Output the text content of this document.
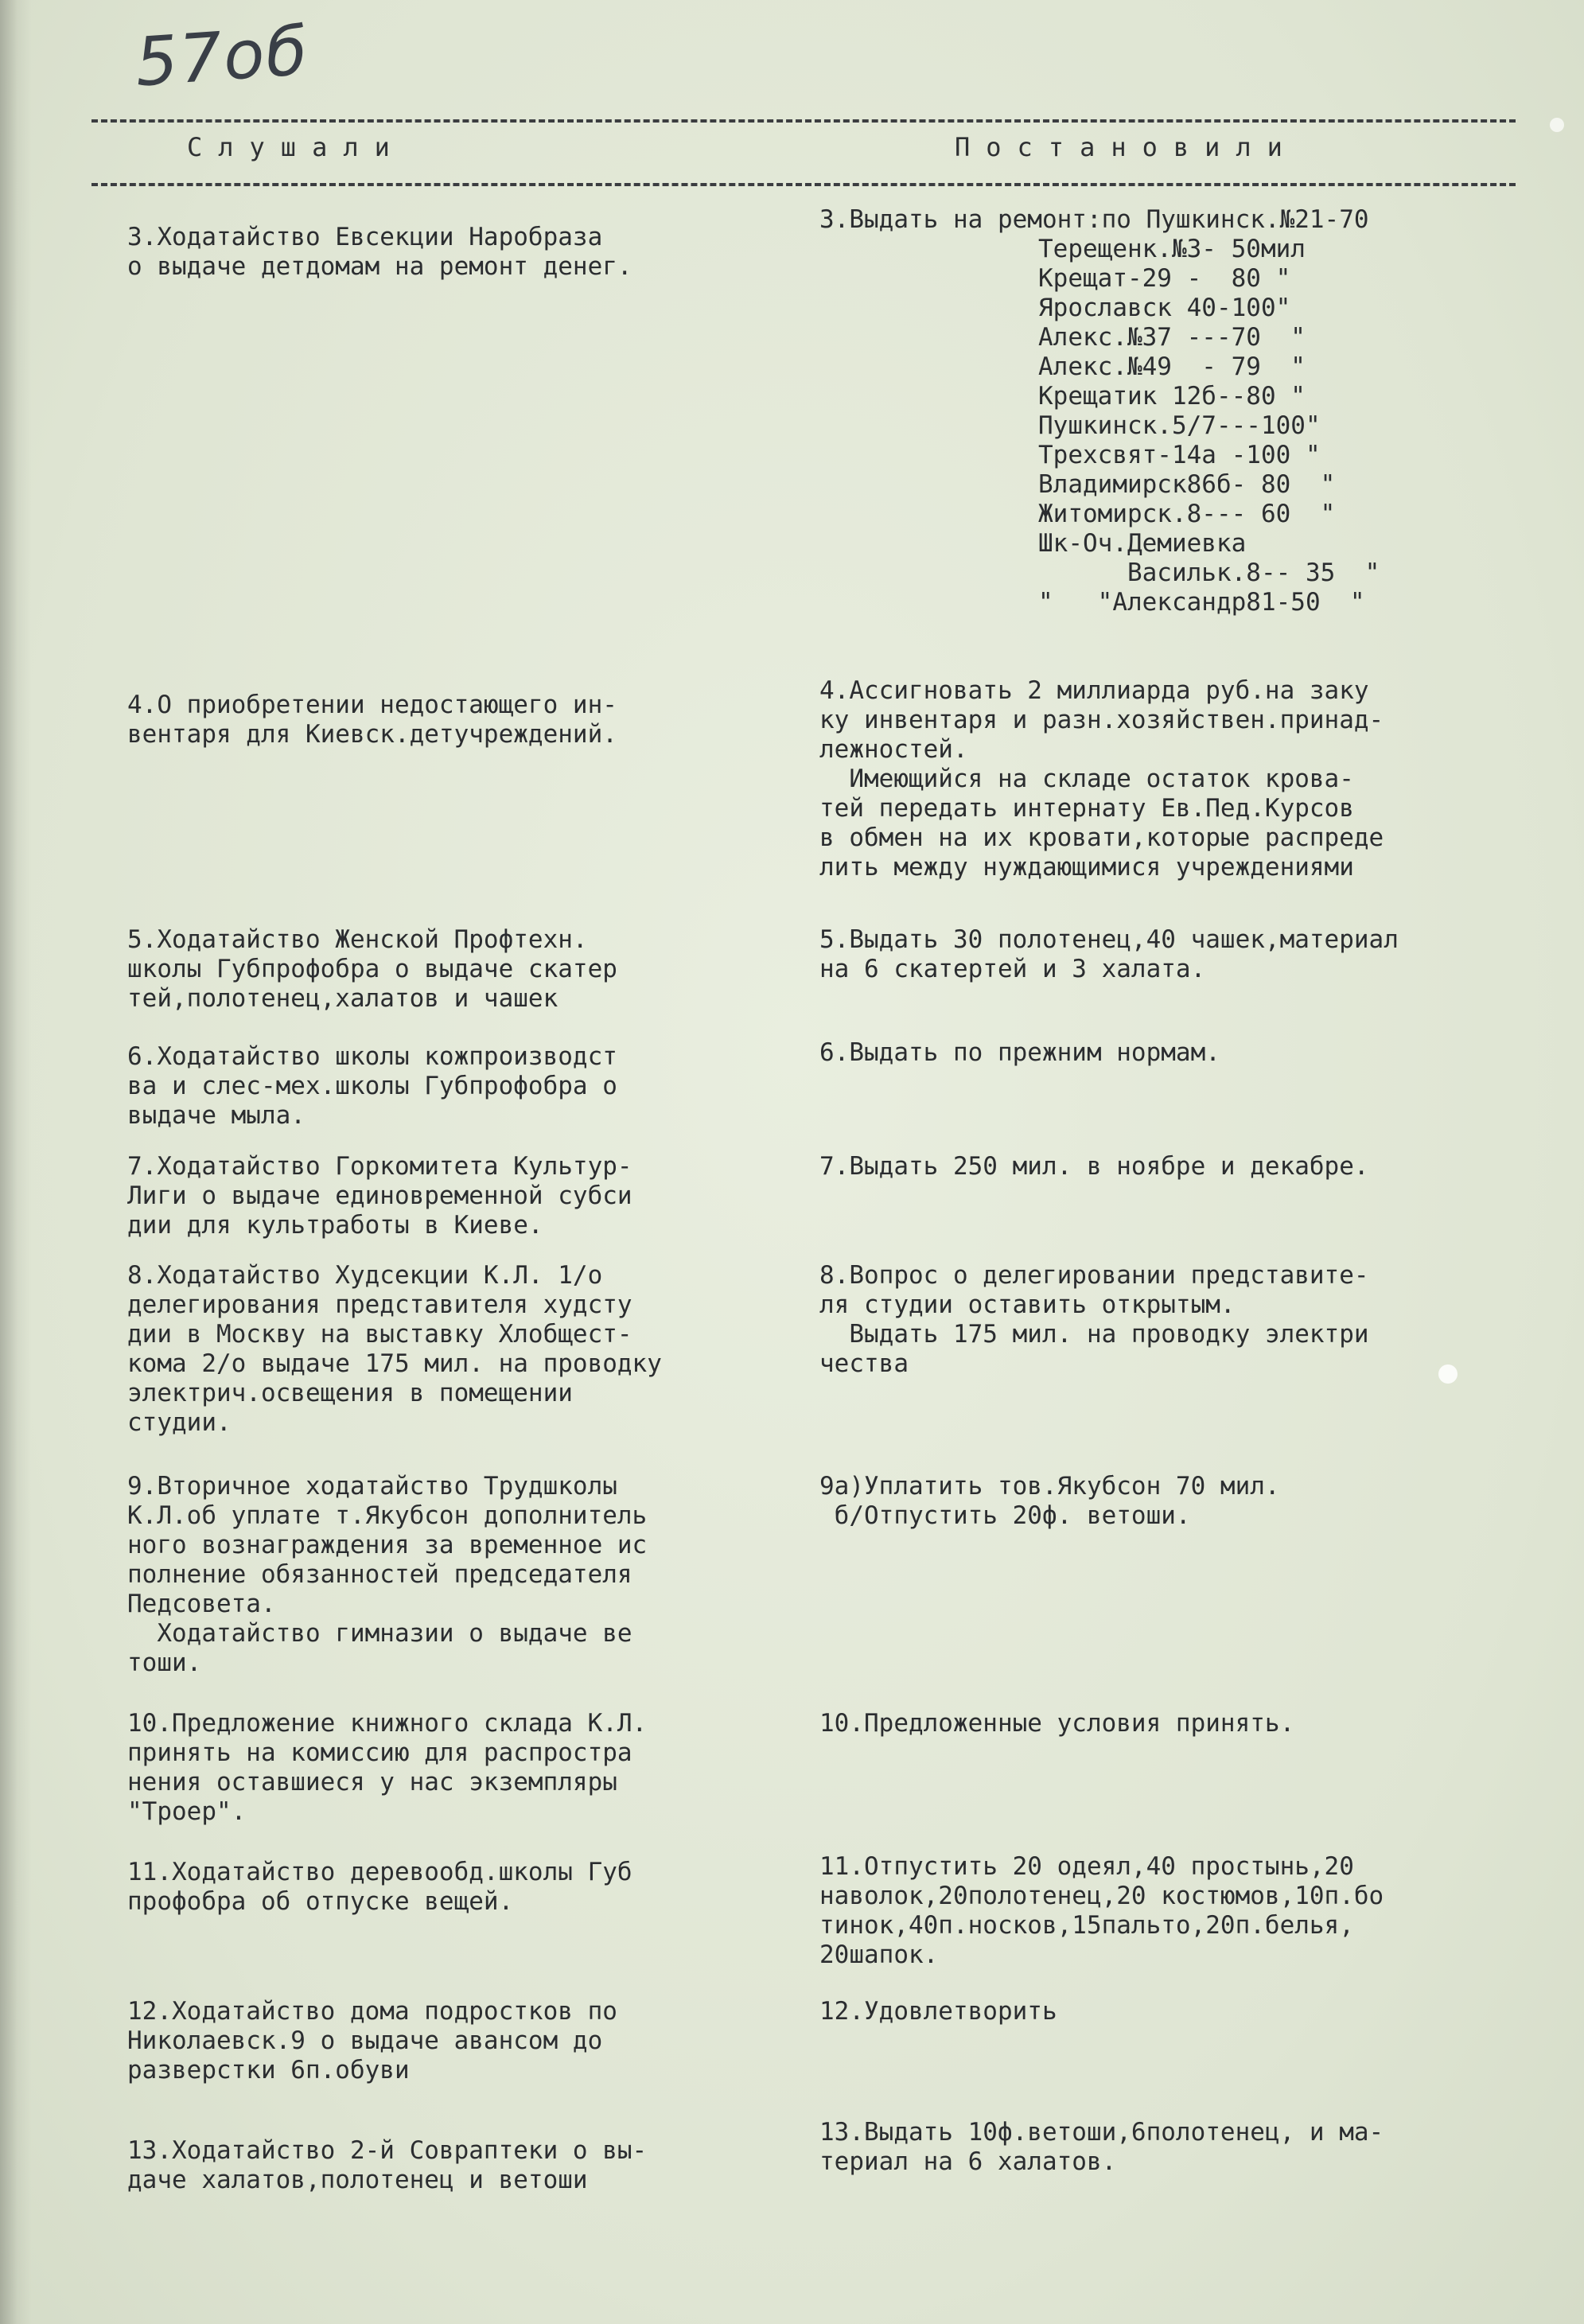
57об
Слушали	Постановили
3.Ходатайство Евсекции Наробраза
о выдаче детдомам на ремонт денег.
3.Выдать на ремонт:по Пушкинск.№21-70
Терещенк.№3- 50мил
Крещат-29 -  80 "
Ярославск 40-100"
Алекс.№37 ---70  "
Алекс.№49  - 79  "
Крещатик 12б--80 "
Пушкинск.5/7---100"
Трехсвят-14а -100 "
Владимирск86б- 80  "
Житомирск.8--- 60  "
Шк-Оч.Демиевка
Васильк.8-- 35  "
"   "Александр81-50  "
4.О приобретении недостающего ин-
вентаря для Киевск.детучреждений.
4.Ассигновать 2 миллиарда руб.на заку
ку инвентаря и разн.хозяйствен.принад-
лежностей.
Имеющийся на складе остаток крова-
тей передать интернату Ев.Пед.Курсов
в обмен на их кровати,которые распреде
лить между нуждающимися учреждениями
5.Ходатайство Женской Профтехн.
школы Губпрофобра о выдаче скатер
тей,полотенец,халатов и чашек
5.Выдать 30 полотенец,40 чашек,материал
на 6 скатертей и 3 халата.
6.Ходатайство школы кожпроизводст
ва и слес-мех.школы Губпрофобра о
выдаче мыла.
6.Выдать по прежним нормам.
7.Ходатайство Горкомитета Культур-
Лиги о выдаче единовременной субси
дии для культработы в Киеве.
7.Выдать 250 мил. в ноябре и декабре.
8.Ходатайство Худсекции К.Л. 1/о
делегирования представителя худсту
дии в Москву на выставку Хлобщест-
кома 2/о выдаче 175 мил. на проводку
электрич.освещения в помещении
студии.
8.Вопрос о делегировании представите-
ля студии оставить открытым.
Выдать 175 мил. на проводку электри
чества
9.Вторичное ходатайство Трудшколы
К.Л.об уплате т.Якубсон дополнитель
ного вознаграждения за временное ис
полнение обязанностей председателя
Педсовета.
Ходатайство гимназии о выдаче ве
тоши.
9а)Уплатить тов.Якубсон 70 мил.
б/Отпустить 20ф. ветоши.
10.Предложение книжного склада К.Л.
принять на комиссию для распростра
нения оставшиеся у нас экземпляры
"Троер".
10.Предложенные условия принять.
11.Ходатайство деревообд.школы Губ
профобра об отпуске вещей.
11.Отпустить 20 одеял,40 простынь,20
наволок,20полотенец,20 костюмов,10п.бо
тинок,40п.носков,15пальто,20п.белья,
20шапок.
12.Ходатайство дома подростков по
Николаевск.9 о выдаче авансом до
разверстки 6п.обуви
12.Удовлетворить
13.Ходатайство 2-й Совраптеки о вы-
даче халатов,полотенец и ветоши
13.Выдать 10ф.ветоши,6полотенец, и ма-
териал на 6 халатов.
